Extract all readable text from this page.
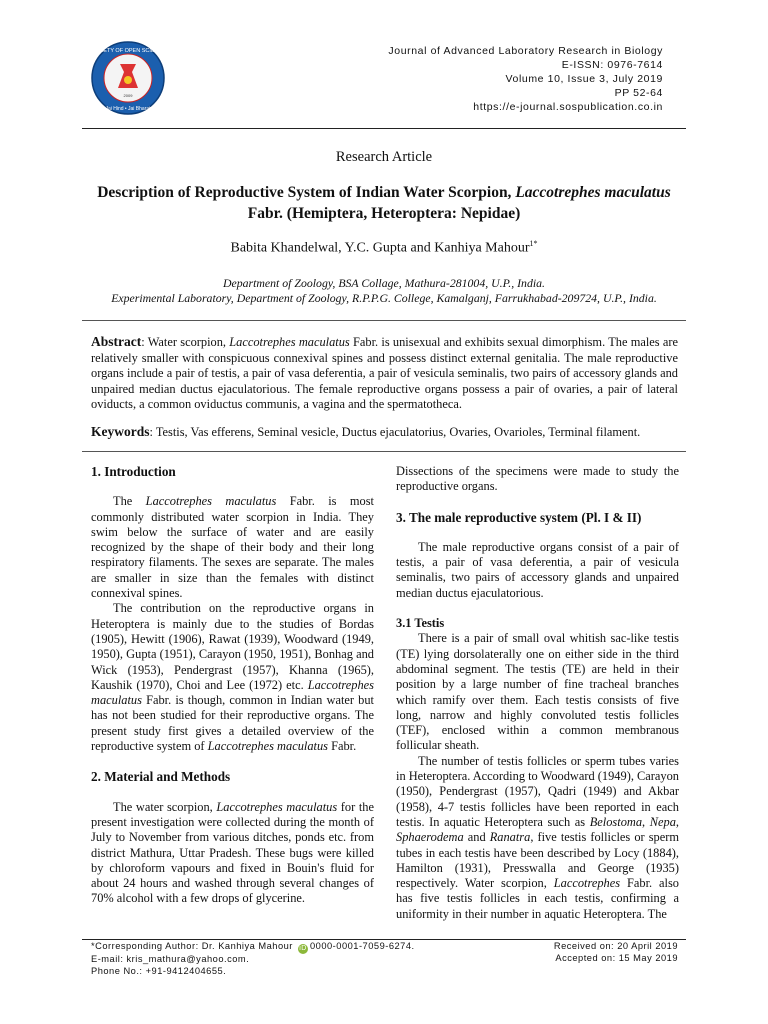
SOCIETY OF OPEN SCIENCE
Jai Hind • Jai Bharat
2009
Journal of Advanced Laboratory Research in Biology
E-ISSN: 0976-7614
Volume 10, Issue 3, July 2019
PP 52-64
https://e-journal.sospublication.co.in
Research Article
Description of Reproductive System of Indian Water Scorpion, Laccotrephes maculatus Fabr. (Hemiptera, Heteroptera: Nepidae)
Babita Khandelwal, Y.C. Gupta and Kanhiya Mahour$^{1*}$
Department of Zoology, BSA Collage, Mathura-281004, U.P., India.
Experimental Laboratory, Department of Zoology, R.P.P.G. College, Kamalganj, Farrukhabad-209724, U.P., India.
Abstract: Water scorpion, Laccotrephes maculatus Fabr. is unisexual and exhibits sexual dimorphism. The males are relatively smaller with conspicuous connexival spines and possess distinct external genitalia. The male reproductive organs include a pair of testis, a pair of vasa deferentia, a pair of vesicula seminalis, two pairs of accessory glands and unpaired median ductus ejaculatorious. The female reproductive organs possess a pair of ovaries, a pair of lateral oviducts, a common oviductus communis, a vagina and the spermatotheca.
Keywords: Testis, Vas efferens, Seminal vesicle, Ductus ejaculatorius, Ovaries, Ovarioles, Terminal filament.
1. Introduction

The Laccotrephes maculatus Fabr. is most commonly distributed water scorpion in India. They swim below the surface of water and are easily recognized by the shape of their body and their long respiratory filaments. The sexes are separate. The males are smaller in size than the females with distinct connexival spines.

The contribution on the reproductive organs in Heteroptera is mainly due to the studies of Bordas (1905), Hewitt (1906), Rawat (1939), Woodward (1949, 1950), Gupta (1951), Carayon (1950, 1951), Bonhag and Wick (1953), Pendergrast (1957), Khanna (1965), Kaushik (1970), Choi and Lee (1972) etc. Laccotrephes maculatus Fabr. is though, common in Indian water but has not been studied for their reproductive organs. The present study first gives a detailed overview of the reproductive system of Laccotrephes maculatus Fabr.

2. Material and Methods

The water scorpion, Laccotrephes maculatus for the present investigation were collected during the month of July to November from various ditches, ponds etc. from district Mathura, Uttar Pradesh. These bugs were killed by chloroform vapours and fixed in Bouin's fluid for about 24 hours and washed through several changes of 70% alcohol with a few drops of glycerine.

Dissections of the specimens were made to study the reproductive organs.

3. The male reproductive system (Pl. I & II)

The male reproductive organs consist of a pair of testis, a pair of vasa deferentia, a pair of vesicula seminalis, two pairs of accessory glands and unpaired median ductus ejaculatorious.

3.1 Testis

There is a pair of small oval whitish sac-like testis (TE) lying dorsolaterally one on either side in the third abdominal segment. The testis (TE) are held in their position by a large number of fine tracheal branches which ramify over them. Each testis consists of five long, narrow and highly convoluted testis follicles (TEF), enclosed within a common membranous follicular sheath.

The number of testis follicles or sperm tubes varies in Heteroptera. According to Woodward (1949), Carayon (1950), Pendergrast (1957), Qadri (1949) and Akbar (1958), 4-7 testis follicles have been reported in each testis. In aquatic Heteroptera such as Belostoma, Nepa, Sphaerodema and Ranatra, five testis follicles or sperm tubes in each testis have been described by Locy (1884), Hamilton (1931), Presswalla and George (1935) respectively. Water scorpion, Laccotrephes Fabr. also has five testis follicles in each testis, confirming a uniformity in their number in aquatic Heteroptera. The

*Corresponding Author: Dr. Kanhiya Mahour iD 0000-0001-7059-6274.
E-mail: kris_mathura@yahoo.com.
Phone No.: +91-9412404655.
Received on: 20 April 2019
Accepted on: 15 May 2019
